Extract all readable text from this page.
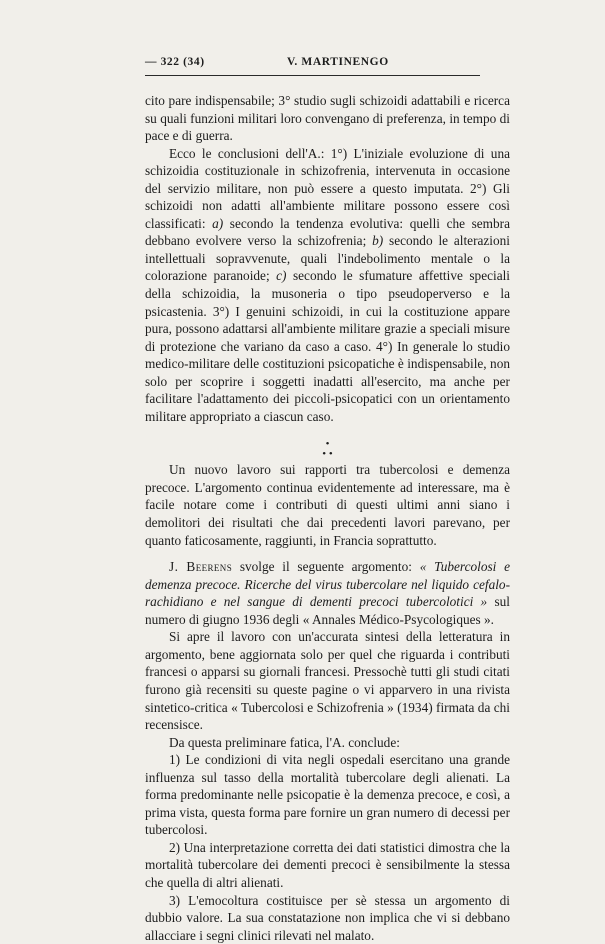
— 322 (34)	V. MARTINENGO

cito pare indispensabile; 3° studio sugli schizoidi adattabili e ricerca su quali funzioni militari loro convengano di preferenza, in tempo di pace e di guerra.

Ecco le conclusioni dell'A.: 1°) L'iniziale evoluzione di una schizoidia costituzionale in schizofrenia, intervenuta in occasione del servizio militare, non può essere a questo imputata. 2°) Gli schizoidi non adatti all'ambiente militare possono essere così classificati: a) secondo la tendenza evolutiva: quelli che sembra debbano evolvere verso la schizofrenia; b) secondo le alterazioni intellettuali sopravvenute, quali l'indebolimento mentale o la colorazione paranoide; c) secondo le sfumature affettive speciali della schizoidia, la musoneria o tipo pseudoperverso e la psicastenia. 3°) I genuini schizoidi, in cui la costituzione appare pura, possono adattarsi all'ambiente militare grazie a speciali misure di protezione che variano da caso a caso. 4°) In generale lo studio medico-militare delle costituzioni psicopatiche è indispensabile, non solo per scoprire i soggetti inadatti all'esercito, ma anche per facilitare l'adattamento dei piccoli-psicopatici con un orientamento militare appropriato a ciascun caso.

•
• •

Un nuovo lavoro sui rapporti tra tubercolosi e demenza precoce. L'argomento continua evidentemente ad interessare, ma è facile notare come i contributi di questi ultimi anni siano i demolitori dei risultati che dai precedenti lavori parevano, per quanto faticosamente, raggiunti, in Francia soprattutto.

J. Beerens svolge il seguente argomento: « Tubercolosi e demenza precoce. Ricerche del virus tubercolare nel liquido cefalo-rachidiano e nel sangue di dementi precoci tubercolotici » sul numero di giugno 1936 degli « Annales Médico-Psycologiques ».

Si apre il lavoro con un'accurata sintesi della letteratura in argomento, bene aggiornata solo per quel che riguarda i contributi francesi o apparsi su giornali francesi. Pressochè tutti gli studi citati furono già recensiti su queste pagine o vi apparvero in una rivista sintetico-critica « Tubercolosi e Schizofrenia » (1934) firmata da chi recensisce.

Da questa preliminare fatica, l'A. conclude:

1) Le condizioni di vita negli ospedali esercitano una grande influenza sul tasso della mortalità tubercolare degli alienati. La forma predominante nelle psicopatie è la demenza precoce, e così, a prima vista, questa forma pare fornire un gran numero di decessi per tubercolosi.

2) Una interpretazione corretta dei dati statistici dimostra che la mortalità tubercolare dei dementi precoci è sensibilmente la stessa che quella di altri alienati.

3) L'emocoltura costituisce per sè stessa un argomento di dubbio valore. La sua constatazione non implica che vi si debbano allacciare i segni clinici rilevati nel malato.
